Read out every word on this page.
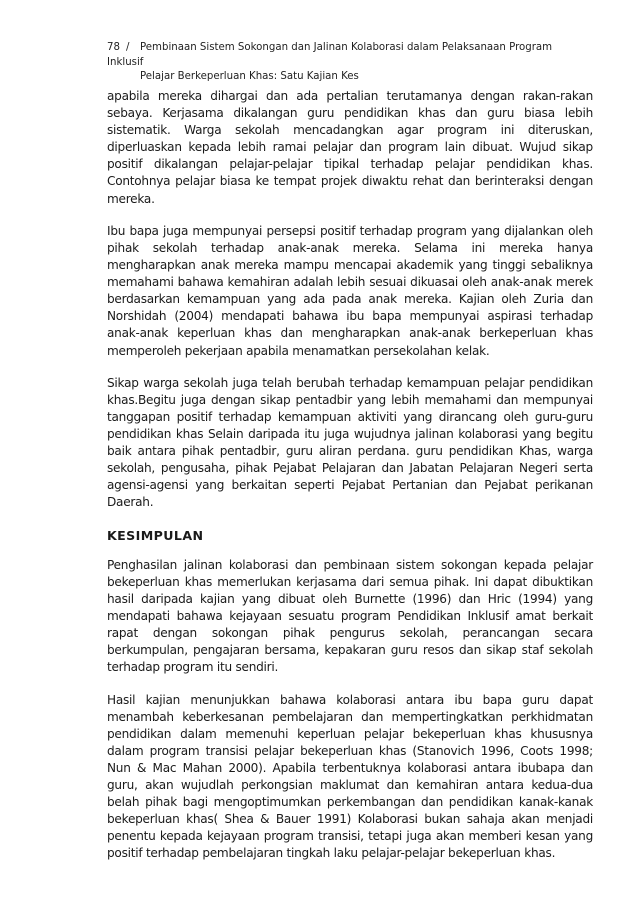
78 / Pembinaan Sistem Sokongan dan Jalinan Kolaborasi dalam Pelaksanaan Program Inklusif
Pelajar Berkeperluan Khas: Satu Kajian Kes

apabila mereka dihargai dan ada pertalian terutamanya dengan rakan-rakan sebaya. Kerjasama dikalangan guru pendidikan khas dan guru biasa lebih sistematik. Warga sekolah mencadangkan agar program ini diteruskan, diperluaskan kepada lebih ramai pelajar dan program lain dibuat. Wujud sikap positif dikalangan pelajar-pelajar tipikal terhadap pelajar pendidikan khas. Contohnya pelajar biasa ke tempat projek diwaktu rehat dan berinteraksi dengan mereka.

Ibu bapa juga mempunyai persepsi positif terhadap program yang dijalankan oleh pihak sekolah terhadap anak-anak mereka. Selama ini mereka hanya mengharapkan anak mereka mampu mencapai akademik yang tinggi sebaliknya memahami bahawa kemahiran adalah lebih sesuai dikuasai oleh anak-anak merek berdasarkan kemampuan yang ada pada anak mereka. Kajian oleh Zuria dan Norshidah (2004) mendapati bahawa ibu bapa mempunyai aspirasi terhadap anak-anak keperluan khas dan mengharapkan anak-anak berkeperluan khas memperoleh pekerjaan apabila menamatkan persekolahan kelak.

Sikap warga sekolah juga telah berubah terhadap kemampuan pelajar pendidikan khas.Begitu juga dengan sikap pentadbir yang lebih memahami dan mempunyai tanggapan positif terhadap kemampuan aktiviti yang dirancang oleh guru-guru pendidikan khas Selain daripada itu juga wujudnya jalinan kolaborasi yang begitu baik antara pihak pentadbir, guru aliran perdana. guru pendidikan Khas, warga sekolah, pengusaha, pihak Pejabat Pelajaran dan Jabatan Pelajaran Negeri serta agensi-agensi yang berkaitan seperti Pejabat Pertanian dan Pejabat perikanan Daerah.

KESIMPULAN

Penghasilan jalinan kolaborasi dan pembinaan sistem sokongan kepada pelajar bekeperluan khas memerlukan kerjasama dari semua pihak. Ini dapat dibuktikan hasil daripada kajian yang dibuat oleh Burnette (1996) dan Hric (1994) yang mendapati bahawa kejayaan sesuatu program Pendidikan Inklusif amat berkait rapat dengan sokongan pihak pengurus sekolah, perancangan secara berkumpulan, pengajaran bersama, kepakaran guru resos dan sikap staf sekolah terhadap program itu sendiri.

Hasil kajian menunjukkan bahawa kolaborasi antara ibu bapa guru dapat menambah keberkesanan pembelajaran dan mempertingkatkan perkhidmatan pendidikan dalam memenuhi keperluan pelajar bekeperluan khas khususnya dalam program transisi pelajar bekeperluan khas (Stanovich 1996, Coots 1998; Nun & Mac Mahan 2000). Apabila terbentuknya kolaborasi antara ibubapa dan guru, akan wujudlah perkongsian maklumat dan kemahiran antara kedua-dua belah pihak bagi mengoptimumkan perkembangan dan pendidikan kanak-kanak bekeperluan khas( Shea & Bauer 1991) Kolaborasi bukan sahaja akan menjadi penentu kepada kejayaan program transisi, tetapi juga akan memberi kesan yang positif terhadap pembelajaran tingkah laku pelajar-pelajar bekeperluan khas.
